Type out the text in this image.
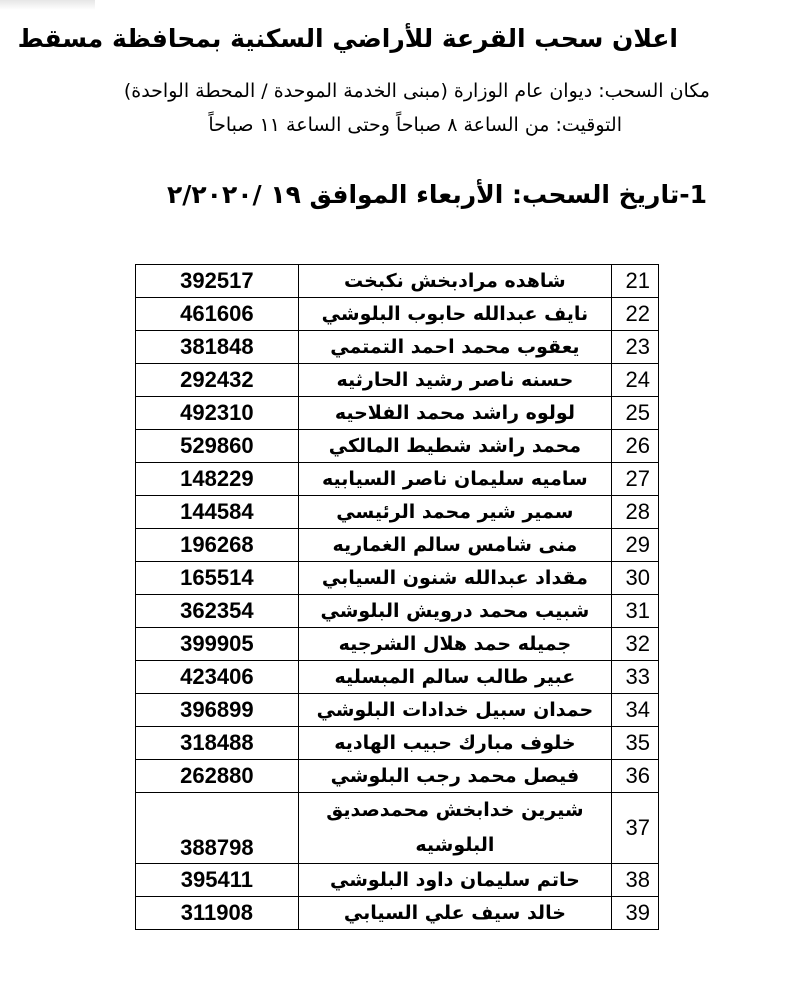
اعلان سحب القرعة للأراضي السكنية بمحافظة مسقط
مكان السحب: ديوان عام الوزارة (مبنى الخدمة الموحدة / المحطة الواحدة)
التوقيت: من الساعة ٨ صباحاً وحتى الساعة ١١ صباحاً
1-تاريخ السحب: الأربعاء الموافق ١٩ /٢/٢٠٢٠
21	شاهده مرادبخش نكبخت	392517
22	نايف عبدالله حابوب البلوشي	461606
23	يعقوب محمد احمد التمتمي	381848
24	حسنه ناصر رشيد الحارثيه	292432
25	لولوه راشد محمد الفلاحيه	492310
26	محمد راشد شطيط المالكي	529860
27	ساميه سليمان ناصر السيابيه	148229
28	سمير شير محمد الرئيسي	144584
29	منى شامس سالم الغماريه	196268
30	مقداد عبدالله شنون السيابي	165514
31	شبيب محمد درويش البلوشي	362354
32	جميله حمد هلال الشرجيه	399905
33	عبير طالب سالم المبسليه	423406
34	حمدان سبيل خدادات البلوشي	396899
35	خلوف مبارك حبيب الهاديه	318488
36	فيصل محمد رجب البلوشي	262880
37	شيرين خدابخش محمدصديق البلوشيه	388798
38	حاتم سليمان داود البلوشي	395411
39	خالد سيف علي السيابي	311908
